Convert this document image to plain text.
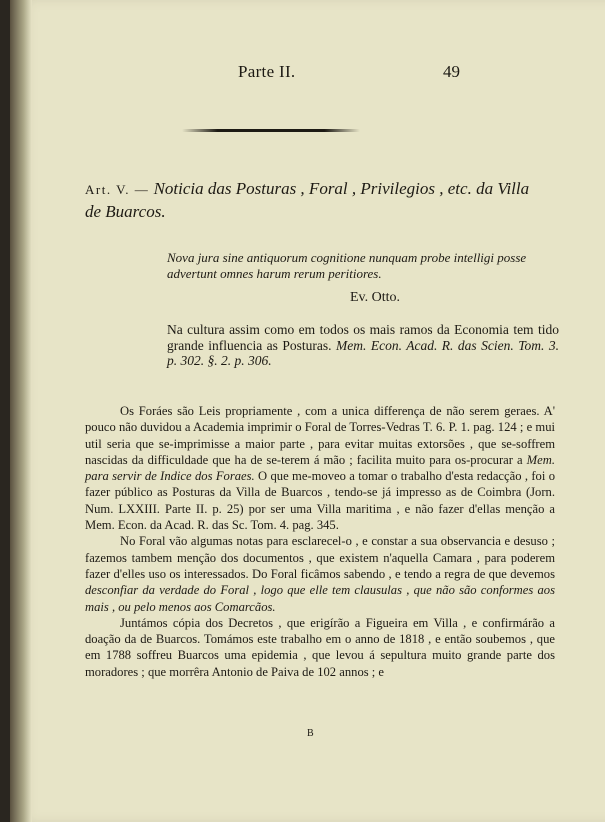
Parte II.	49
Art. V. — Noticia das Posturas , Foral , Privilegios , etc. da Villa de Buarcos.
Nova jura sine antiquorum cognitione nunquam probe intelligi posse advertunt omnes harum rerum peritiores.
Ev. Otto.
Na cultura assim como em todos os mais ramos da Economia tem tido grande influencia as Posturas. Mem. Econ. Acad. R. das Scien. Tom. 3. p. 302. §. 2. p. 306.

Os Foráes são Leis propriamente , com a unica differença de não serem geraes. A' pouco não duvidou a Academia imprimir o Foral de Torres-Vedras T. 6. P. 1. pag. 124 ; e mui util seria que se-imprimisse a maior parte , para evitar muitas extorsões , que se-soffrem nascidas da difficuldade que ha de se-terem á mão ; facilita muito para os-procurar a Mem. para servir de Indice dos Foraes. O que me-moveo a tomar o trabalho d'esta redacção , foi o fazer público as Posturas da Villa de Buarcos , tendo-se já impresso as de Coimbra (Jorn. Num. LXXIII. Parte II. p. 25) por ser uma Villa maritima , e não fazer d'ellas menção a Mem. Econ. da Acad. R. das Sc. Tom. 4. pag. 345.

No Foral vão algumas notas para esclarecel-o , e constar a sua observancia e desuso ; fazemos tambem menção dos documentos , que existem n'aquella Camara , para poderem fazer d'elles uso os interessados. Do Foral ficâmos sabendo , e tendo a regra de que devemos desconfiar da verdade do Foral , logo que elle tem clausulas , que não são conformes aos mais , ou pelo menos aos Comarcãos.

Juntámos cópia dos Decretos , que erigírão a Figueira em Villa , e confirmárão a doação da de Buarcos. Tomámos este trabalho em o anno de 1818 , e então soubemos , que em 1788 soffreu Buarcos uma epidemia , que levou á sepultura muito grande parte dos moradores ; que morrêra Antonio de Paiva de 102 annos ; e

B
